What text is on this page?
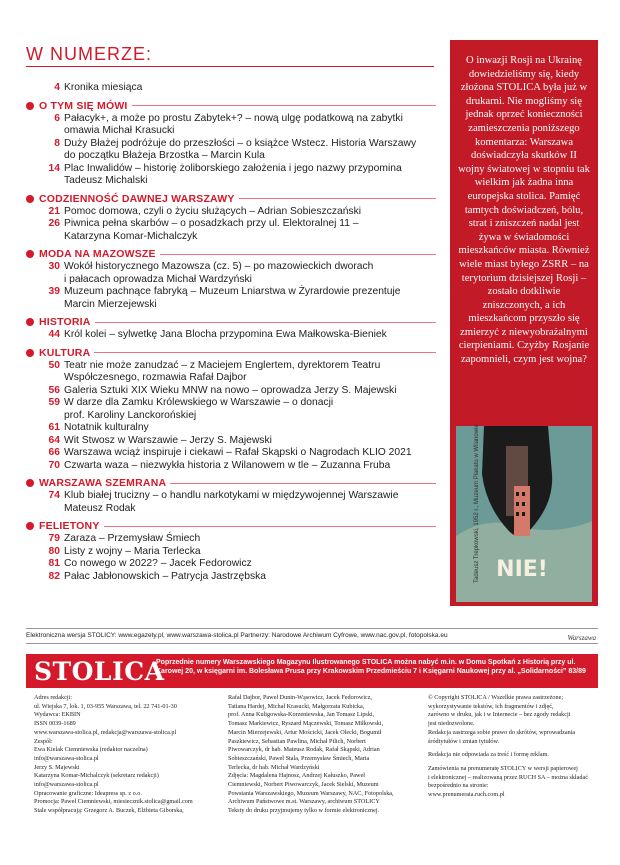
W NUMERZE:
4 Kronika miesiąca
O TYM SIĘ MÓWI
6 Pałacyk+, a może po prostu Zabytek+? – nową ulgę podatkową na zabytki
omawia Michał Krasucki
8 Duży Błażej podróżuje do przeszłości – o książce Wstecz. Historia Warszawy
do początku Błażeja Brzostka – Marcin Kula
14 Plac Inwalidów – historię żoliborskiego założenia i jego nazwy przypomina
Tadeusz Michalski
CODZIENNOŚĆ DAWNEJ WARSZAWY
21 Pomoc domowa, czyli o życiu służących – Adrian Sobieszczański
26 Piwnica pełna skarbów – o posadzkach przy ul. Elektoralnej 11 –
Katarzyna Komar-Michalczyk
MODA NA MAZOWSZE
30 Wokół historycznego Mazowsza (cz. 5) – po mazowieckich dworach
i pałacach oprowadza Michał Wardzyński
39 Muzeum pachnące fabryką – Muzeum Lniarstwa w Żyrardowie prezentuje
Marcin Mierzejewski
HISTORIA
44 Król kolei – sylwetkę Jana Blocha przypomina Ewa Małkowska-Bieniek
KULTURA
50 Teatr nie może zanudzać – z Maciejem Englertem, dyrektorem Teatru
Współczesnego, rozmawia Rafał Dajbor
56 Galeria Sztuki XIX Wieku MNW na nowo – oprowadza Jerzy S. Majewski
59 W darze dla Zamku Królewskiego w Warszawie – o donacji
prof. Karoliny Lanckorońskiej
61 Notatnik kulturalny
64 Wit Stwosz w Warszawie – Jerzy S. Majewski
66 Warszawa wciąż inspiruje i ciekawi – Rafał Skąpski o Nagrodach KLIO 2021
70 Czwarta waza – niezwykła historia z Wilanowem w tle – Zuzanna Fruba
WARSZAWA SZEMRANA
74 Klub białej trucizny – o handlu narkotykami w międzywojennej Warszawie
Mateusz Rodak
FELIETONY
79 Zaraza – Przemysław Śmiech
80 Listy z wojny – Maria Terlecka
81 Co nowego w 2022? – Jacek Fedorowicz
82 Pałac Jabłonowskich – Patrycja Jastrzębska
O inwazji Rosji na Ukrainę dowiedzieliśmy się, kiedy złożona STOLICA była już w drukarni. Nie mogliśmy się jednak oprzeć konieczności zamieszczenia poniższego komentarza: Warszawa doświadczyła skutków II wojny światowej w stopniu tak wielkim jak żadna inna europejska stolica. Pamięć tamtych doświadczeń, bólu, strat i zniszczeń nadal jest żywa w świadomości mieszkańców miasta. Również wiele miast byłego ZSRR – na terytorium dzisiejszej Rosji – zostało dotkliwie zniszczonych, a ich mieszkańcom przyszło się zmierzyć z niewyobrażalnymi cierpieniami. Czyżby Rosjanie zapomnieli, czym jest wojna?
NIE!
Tadeusz Trepkowski, 1952 r., Muzeum Plakatu w Wilanowie
Elektroniczna wersja STOLICY: www.egazety.pl, www.warszawa-stolica.pl Partnerzy: Narodowe Archiwum Cyfrowe, www.nac.gov.pl, fotopolska.eu	Warszawa
STOLICA
Poprzednie numery Warszawskiego Magazynu Ilustrowanego STOLICA można nabyć m.in. w Domu Spotkań z Historią przy ul. Karowej 20, w księgarni im. Bolesława Prusa przy Krakowskim Przedmieściu 7 i Księgarni Naukowej przy al. „Solidarności” 83/89
Adres redakcji:
ul. Wiejska 7, lok. 1, 03-955 Warszawa, tel. 22 741-01-30
Wydawca: EKBIN
ISSN 0039-1689
www.warszawa-stolica.pl, redakcja@warszawa-stolica.pl
Zespół:
Ewa Kielak Ciemniewska (redaktor naczelna)
info@warszawa-stolica.pl
Jerzy S. Majewski
Katarzyna Komar-Michalczyk (sekretarz redakcji)
info@warszawa-stolica.pl
Opracowanie graficzne: Ideapress sp. z o.o.
Promocja: Paweł Ciemniewski, miesiecznik.stolica@gmail.com
Stale współpracują: Grzegorz A. Buczek, Elżbieta Giborska,
Rafał Dajbor, Paweł Dunin-Wąsowicz, Jacek Fedorowicz,
Tatiana Hardej, Michał Krasucki, Małgorzata Kubicka,
prof. Anna Kuligowska-Korzeniewska, Jan Tomasz Lipski,
Tomasz Markiewicz, Ryszard Mączewski, Tomasz Miłkowski,
Marcin Mierzejewski, Artur Mościcki, Jacek Olecki, Bogumił
Paszkiewicz, Sebastian Pawlina, Michał Pilich, Norbert
Piwowarczyk, dr hab. Mateusz Rodak, Rafał Skąpski, Adrian
Sobieszczański, Paweł Stala, Przemysław Śmiech, Maria
Terlecka, dr hab. Michał Wardzyński
Zdjęcia: Magdalena Hajnosz, Andrzej Kałuszko, Paweł
Ciemniewski, Norbert Piwowarczyk, Jacek Sielski, Muzeum
Powstania Warszawskiego, Muzeum Warszawy, NAC, Fotopolska,
Archiwum Państwowe m.st. Warszawy, archiwum STOLICY
Teksty do druku przyjmujemy tylko w formie elektronicznej.
© Copyright STOLICA / Wszelkie prawa zastrzeżone;
wykorzystywanie tekstów, ich fragmentów i zdjęć,
zarówno w druku, jak i w Internecie – bez zgody redakcji
jest niedozwolone.
Redakcja zastrzega sobie prawo do skrótów, wprowadzania
śródtytułów i zmian tytułów.
Redakcja nie odpowiada za treść i formę reklam.
Zamówienia na prenumeratę STOLICY w wersji papierowej
i elektronicznej – realizowaną przez RUCH SA – można składać
bezpośrednio na stronie:
www.prenumerata.ruch.com.pl
